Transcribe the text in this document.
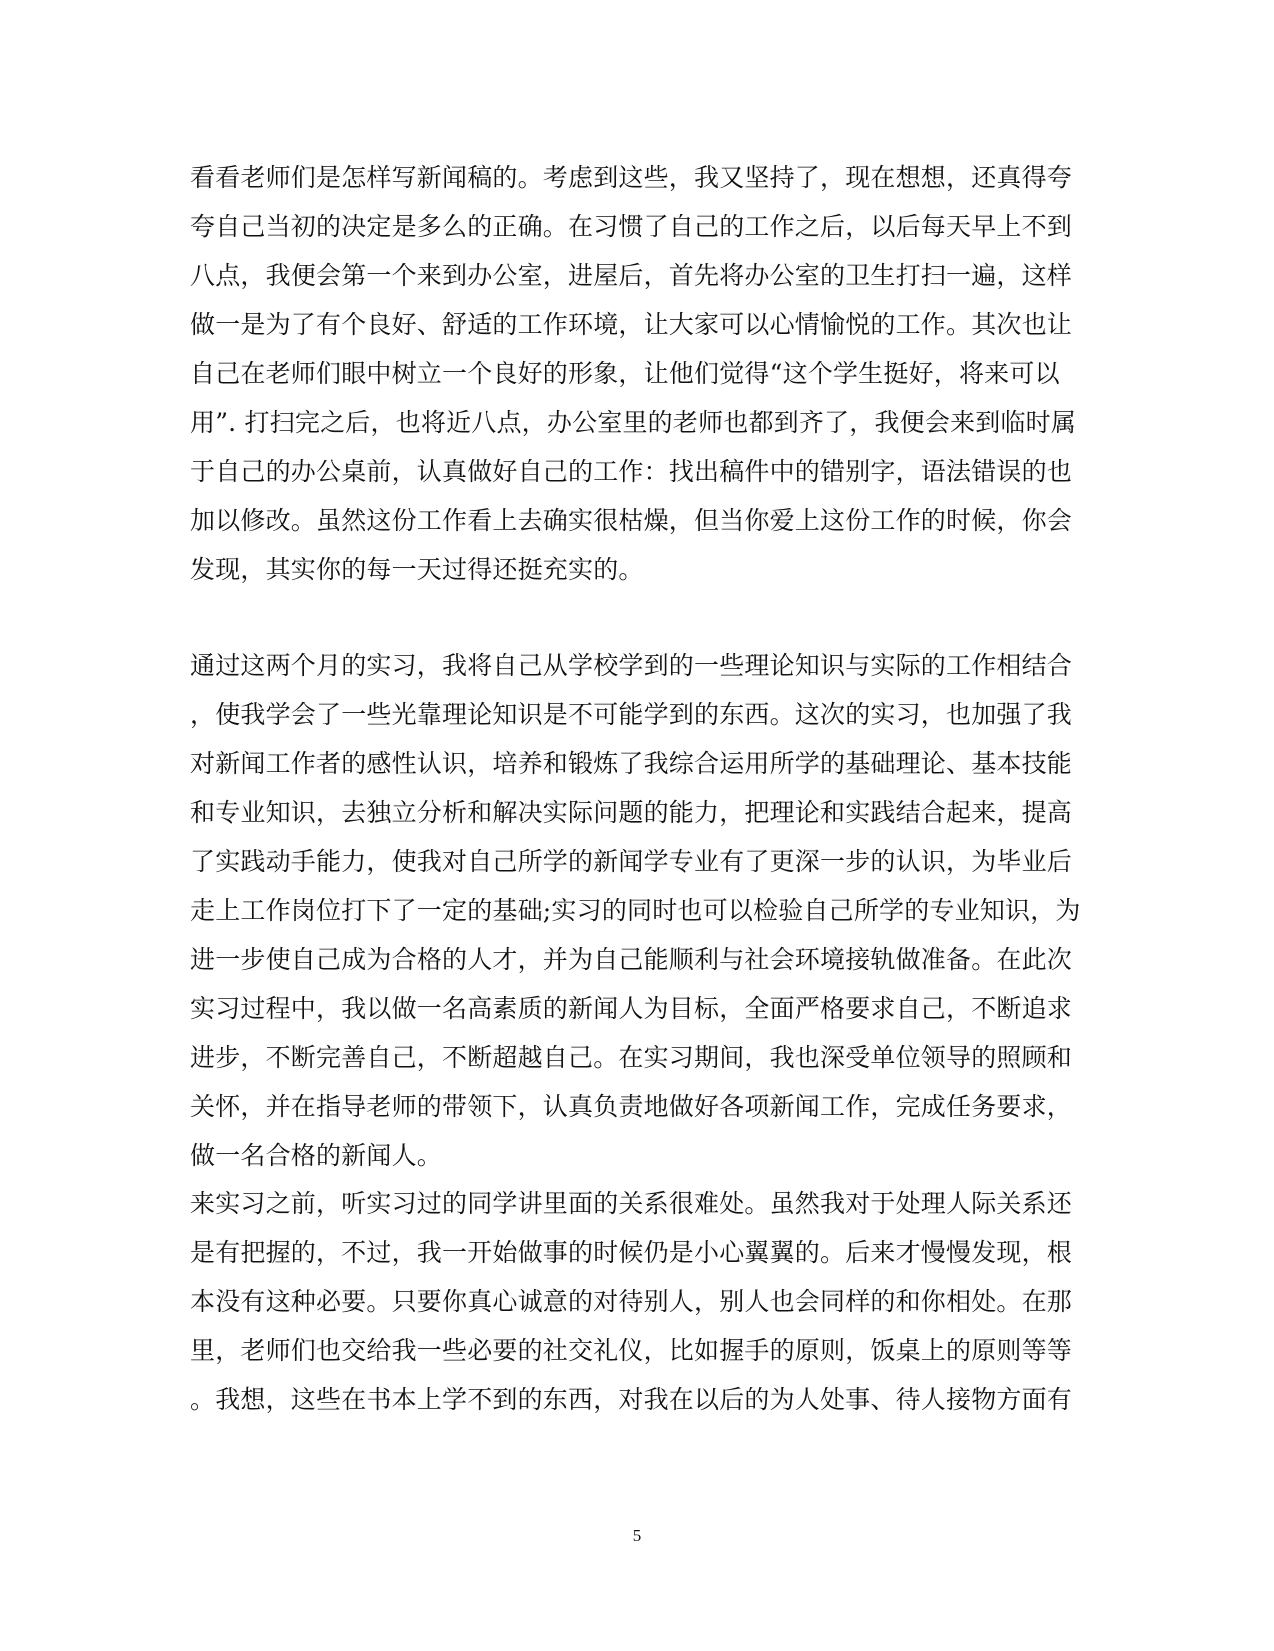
看看老师们是怎样写新闻稿的。考虑到这些，我又坚持了，现在想想，还真得夸
夸自己当初的决定是多么的正确。在习惯了自己的工作之后，以后每天早上不到
八点，我便会第一个来到办公室，进屋后，首先将办公室的卫生打扫一遍，这样
做一是为了有个良好、舒适的工作环境，让大家可以心情愉悦的工作。其次也让
自己在老师们眼中树立一个良好的形象，让他们觉得“这个学生挺好，将来可以
用”. 打扫完之后，也将近八点，办公室里的老师也都到齐了，我便会来到临时属
于自己的办公桌前，认真做好自己的工作：找出稿件中的错别字，语法错误的也
加以修改。虽然这份工作看上去确实很枯燥，但当你爱上这份工作的时候，你会
发现，其实你的每一天过得还挺充实的。
通过这两个月的实习，我将自己从学校学到的一些理论知识与实际的工作相结合
，使我学会了一些光靠理论知识是不可能学到的东西。这次的实习，也加强了我
对新闻工作者的感性认识，培养和锻炼了我综合运用所学的基础理论、基本技能
和专业知识，去独立分析和解决实际问题的能力，把理论和实践结合起来，提高
了实践动手能力，使我对自己所学的新闻学专业有了更深一步的认识，为毕业后
走上工作岗位打下了一定的基础;实习的同时也可以检验自己所学的专业知识，为
进一步使自己成为合格的人才，并为自己能顺利与社会环境接轨做准备。在此次
实习过程中，我以做一名高素质的新闻人为目标，全面严格要求自己，不断追求
进步，不断完善自己，不断超越自己。在实习期间，我也深受单位领导的照顾和
关怀，并在指导老师的带领下，认真负责地做好各项新闻工作，完成任务要求，
做一名合格的新闻人。
来实习之前，听实习过的同学讲里面的关系很难处。虽然我对于处理人际关系还
是有把握的，不过，我一开始做事的时候仍是小心翼翼的。后来才慢慢发现，根
本没有这种必要。只要你真心诚意的对待别人，别人也会同样的和你相处。在那
里，老师们也交给我一些必要的社交礼仪，比如握手的原则，饭桌上的原则等等
。我想，这些在书本上学不到的东西，对我在以后的为人处事、待人接物方面有
5
